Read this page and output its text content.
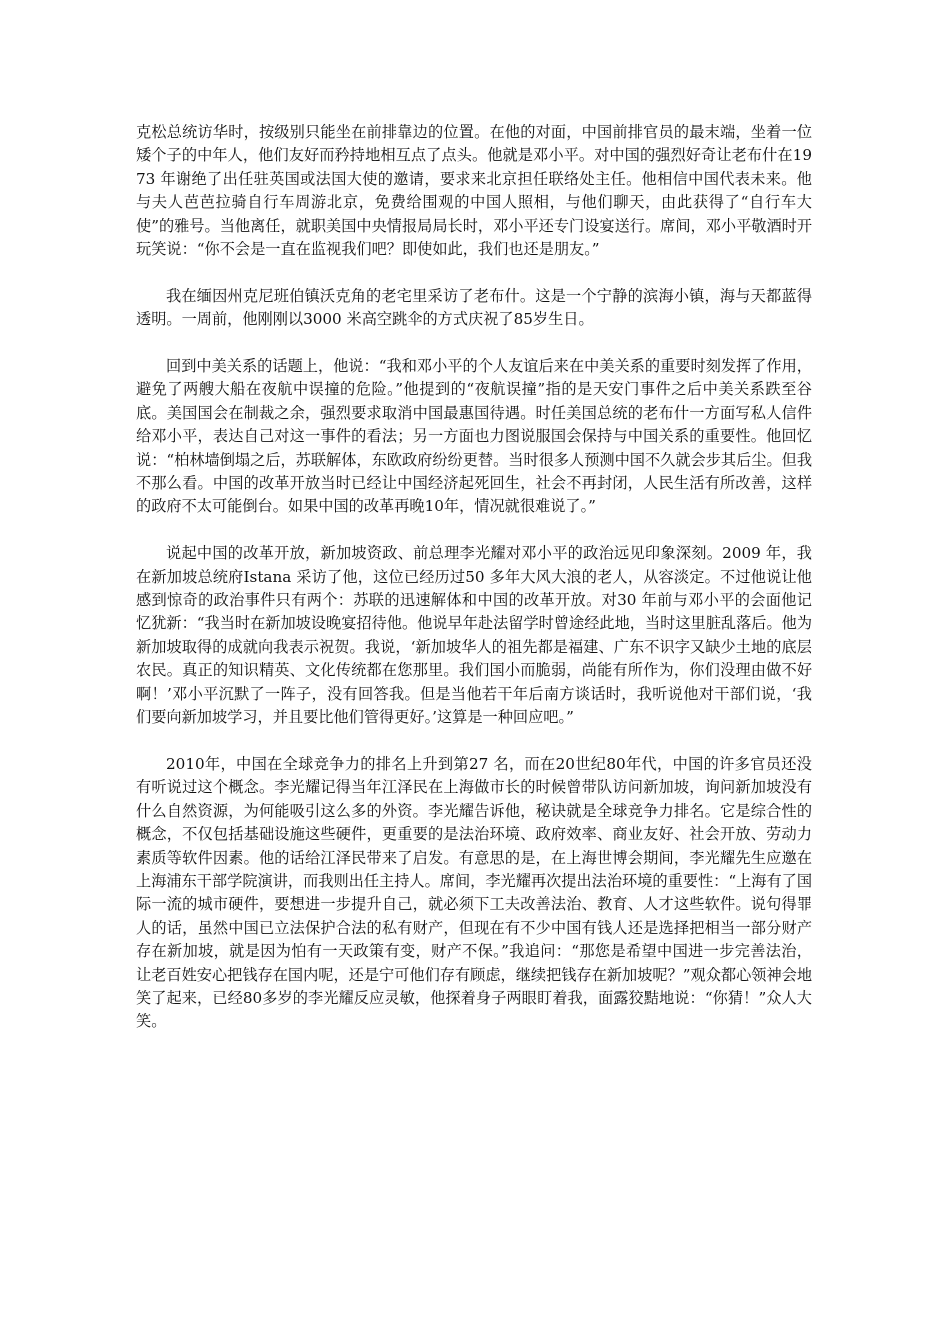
克松总统访华时，按级别只能坐在前排靠边的位置。在他的对面，中国前排官员的最末端，坐着一位矮个子的中年人，他们友好而矜持地相互点了点头。他就是邓小平。对中国的强烈好奇让老布什在1973 年谢绝了出任驻英国或法国大使的邀请，要求来北京担任联络处主任。他相信中国代表未来。他与夫人芭芭拉骑自行车周游北京，免费给围观的中国人照相，与他们聊天，由此获得了“自行车大使”的雅号。当他离任，就职美国中央情报局局长时，邓小平还专门设宴送行。席间，邓小平敬酒时开玩笑说：“你不会是一直在监视我们吧？即使如此，我们也还是朋友。”

我在缅因州克尼班伯镇沃克角的老宅里采访了老布什。这是一个宁静的滨海小镇，海与天都蓝得透明。一周前，他刚刚以3000 米高空跳伞的方式庆祝了85岁生日。

回到中美关系的话题上，他说：“我和邓小平的个人友谊后来在中美关系的重要时刻发挥了作用，避免了两艘大船在夜航中误撞的危险。”他提到的“夜航误撞”指的是天安门事件之后中美关系跌至谷底。美国国会在制裁之余，强烈要求取消中国最惠国待遇。时任美国总统的老布什一方面写私人信件给邓小平，表达自己对这一事件的看法；另一方面也力图说服国会保持与中国关系的重要性。他回忆说：“柏林墙倒塌之后，苏联解体，东欧政府纷纷更替。当时很多人预测中国不久就会步其后尘。但我不那么看。中国的改革开放当时已经让中国经济起死回生，社会不再封闭，人民生活有所改善，这样的政府不太可能倒台。如果中国的改革再晚10年，情况就很难说了。”

说起中国的改革开放，新加坡资政、前总理李光耀对邓小平的政治远见印象深刻。2009 年，我在新加坡总统府Istana 采访了他，这位已经历过50 多年大风大浪的老人，从容淡定。不过他说让他感到惊奇的政治事件只有两个：苏联的迅速解体和中国的改革开放。对30 年前与邓小平的会面他记忆犹新：“我当时在新加坡设晚宴招待他。他说早年赴法留学时曾途经此地，当时这里脏乱落后。他为新加坡取得的成就向我表示祝贺。我说，‘新加坡华人的祖先都是福建、广东不识字又缺少土地的底层农民。真正的知识精英、文化传统都在您那里。我们国小而脆弱，尚能有所作为，你们没理由做不好啊！’邓小平沉默了一阵子，没有回答我。但是当他若干年后南方谈话时，我听说他对干部们说，‘我们要向新加坡学习，并且要比他们管得更好。’这算是一种回应吧。”

2010年，中国在全球竞争力的排名上升到第27 名，而在20世纪80年代，中国的许多官员还没有听说过这个概念。李光耀记得当年江泽民在上海做市长的时候曾带队访问新加坡，询问新加坡没有什么自然资源，为何能吸引这么多的外资。李光耀告诉他，秘诀就是全球竞争力排名。它是综合性的概念，不仅包括基础设施这些硬件，更重要的是法治环境、政府效率、商业友好、社会开放、劳动力素质等软件因素。他的话给江泽民带来了启发。有意思的是，在上海世博会期间，李光耀先生应邀在上海浦东干部学院演讲，而我则出任主持人。席间，李光耀再次提出法治环境的重要性：“上海有了国际一流的城市硬件，要想进一步提升自己，就必须下工夫改善法治、教育、人才这些软件。说句得罪人的话，虽然中国已立法保护合法的私有财产，但现在有不少中国有钱人还是选择把相当一部分财产存在新加坡，就是因为怕有一天政策有变，财产不保。”我追问：“那您是希望中国进一步完善法治，让老百姓安心把钱存在国内呢，还是宁可他们存有顾虑，继续把钱存在新加坡呢？”观众都心领神会地笑了起来，已经80多岁的李光耀反应灵敏，他探着身子两眼盯着我，面露狡黠地说：“你猜！”众人大笑。
